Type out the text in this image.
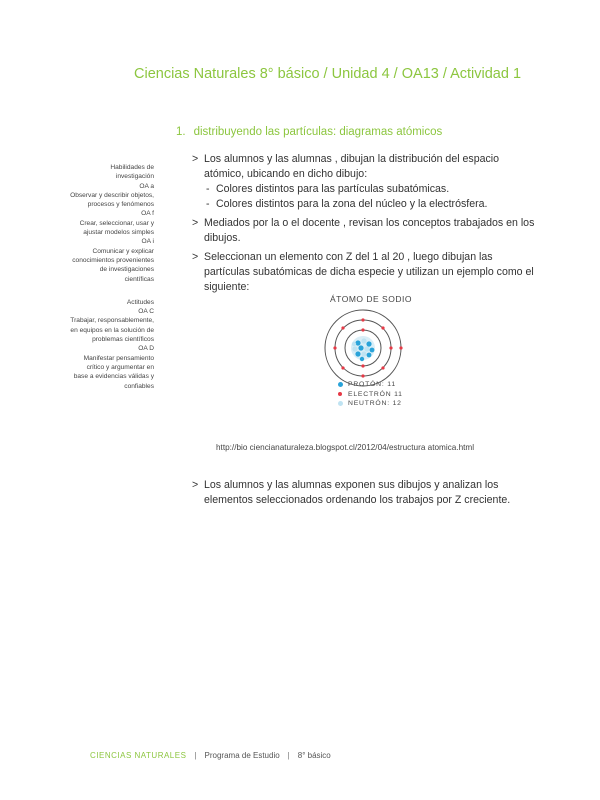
Ciencias Naturales 8° básico / Unidad 4 / OA13 / Actividad 1
1. distribuyendo las partículas: diagramas atómicos
Habilidades de
investigación
OA a
Observar y describir objetos,
procesos y fenómenos
OA f
Crear, seleccionar, usar y
ajustar modelos simples
OA i
Comunicar y explicar
conocimientos provenientes
de investigaciones
científicas
Actitudes
OA C
Trabajar, responsablemente,
en equipos en la solución de
problemas científicos
OA D
Manifestar pensamiento
crítico y argumentar en
base a evidencias válidas y
confiables
> Los alumnos y las alumnas , dibujan la distribución del espacio atómico, ubicando en dicho dibujo:
- Colores distintos para las partículas subatómicas.
- Colores distintos para la zona del núcleo y la electrósfera.
> Mediados por la o el docente , revisan los conceptos trabajados en los dibujos.
> Seleccionan un elemento con Z del 1 al 20 , luego dibujan las partículas subatómicas de dicha especie y utilizan un ejemplo como el siguiente:
ÁTOMO DE SODIO
PROTÓN: 11
ELECTRÓN 11
NEUTRÓN: 12
http://bio ciencianaturaleza.blogspot.cl/2012/04/estructura atomica.html
> Los alumnos y las alumnas exponen sus dibujos y analizan los elementos seleccionados ordenando los trabajos por Z creciente.
CIENCIAS NATURALES | Programa de Estudio | 8° básico
